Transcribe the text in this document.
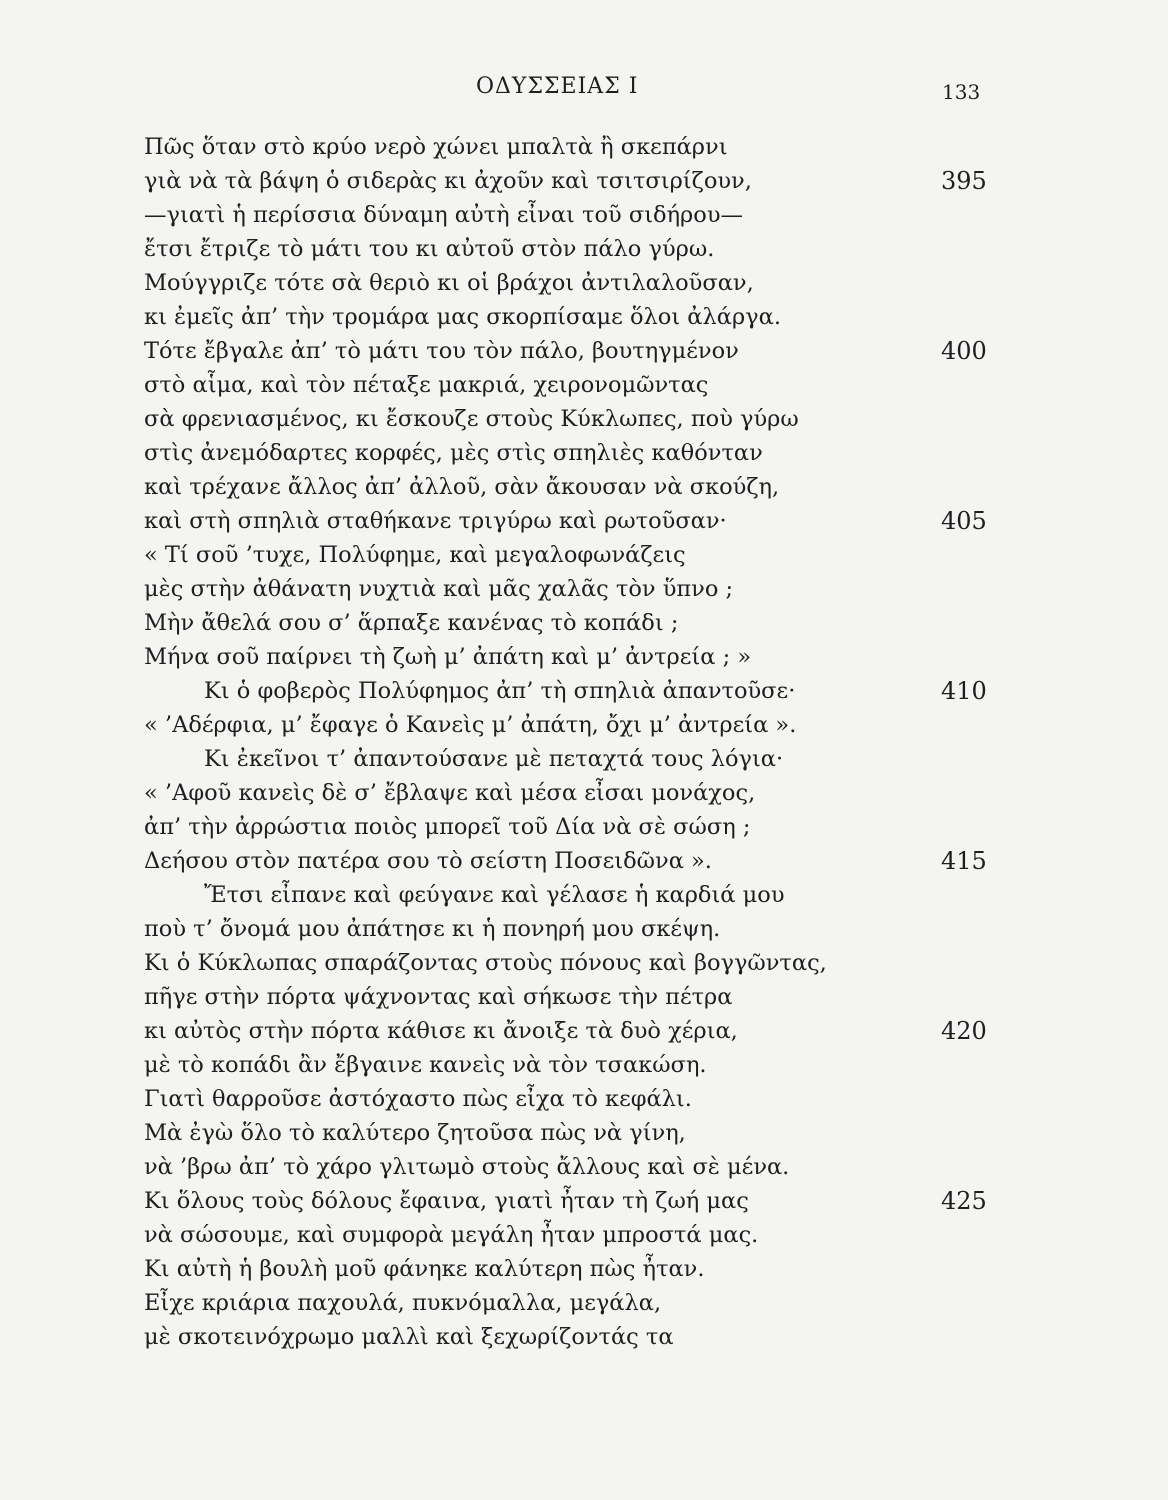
ΟΔΥΣΣΕΙΑΣ Ι	133
Πῶς ὅταν στὸ κρύο νερὸ χώνει μπαλτὰ ἢ σκεπάρνι
γιὰ νὰ τὰ βάψη ὁ σιδερὰς κι ἀχοῦν καὶ τσιτσιρίζουν,	395
—γιατὶ ἡ περίσσια δύναμη αὐτὴ εἶναι τοῦ σιδήρου—
ἔτσι ἔτριζε τὸ μάτι του κι αὐτοῦ στὸν πάλο γύρω.
Μούγγριζε τότε σὰ θεριὸ κι οἱ βράχοι ἀντιλαλοῦσαν,
κι ἐμεῖς ἀπ’ τὴν τρομάρα μας σκορπίσαμε ὅλοι ἀλάργα.
Τότε ἔβγαλε ἀπ’ τὸ μάτι του τὸν πάλο, βουτηγμένον	400
στὸ αἷμα, καὶ τὸν πέταξε μακριά, χειρονομῶντας
σὰ φρενιασμένος, κι ἔσκουζε στοὺς Κύκλωπες, ποὺ γύρω
στὶς ἀνεμόδαρτες κορφές, μὲς στὶς σπηλιὲς καθόνταν
καὶ τρέχανε ἄλλος ἀπ’ ἀλλοῦ, σὰν ἄκουσαν νὰ σκούζη,
καὶ στὴ σπηλιὰ σταθήκανε τριγύρω καὶ ρωτοῦσαν·	405
« Τί σοῦ ’τυχε, Πολύφημε, καὶ μεγαλοφωνάζεις
μὲς στὴν ἀθάνατη νυχτιὰ καὶ μᾶς χαλᾶς τὸν ὕπνο ;
Μὴν ἄθελά σου σ’ ἅρπαξε κανένας τὸ κοπάδι ;
Μήνα σοῦ παίρνει τὴ ζωὴ μ’ ἀπάτη καὶ μ’ ἀντρεία ; »
Κι ὁ φοβερὸς Πολύφημος ἀπ’ τὴ σπηλιὰ ἀπαντοῦσε·	410
« ’Αδέρφια, μ’ ἔφαγε ὁ Κανεὶς μ’ ἀπάτη, ὄχι μ’ ἀντρεία ».
Κι ἐκεῖνοι τ’ ἀπαντούσανε μὲ πεταχτά τους λόγια·
« ’Αφοῦ κανεὶς δὲ σ’ ἔβλαψε καὶ μέσα εἶσαι μονάχος,
ἀπ’ τὴν ἀρρώστια ποιὸς μπορεῖ τοῦ Δία νὰ σὲ σώση ;
Δεήσου στὸν πατέρα σου τὸ σείστη Ποσειδῶνα ».	415
Ἔτσι εἶπανε καὶ φεύγανε καὶ γέλασε ἡ καρδιά μου
ποὺ τ’ ὄνομά μου ἀπάτησε κι ἡ πονηρή μου σκέψη.
Κι ὁ Κύκλωπας σπαράζοντας στοὺς πόνους καὶ βογγῶντας,
πῆγε στὴν πόρτα ψάχνοντας καὶ σήκωσε τὴν πέτρα
κι αὐτὸς στὴν πόρτα κάθισε κι ἄνοιξε τὰ δυὸ χέρια,	420
μὲ τὸ κοπάδι ἂν ἔβγαινε κανεὶς νὰ τὸν τσακώση.
Γιατὶ θαρροῦσε ἀστόχαστο πὼς εἶχα τὸ κεφάλι.
Μὰ ἐγὼ ὅλο τὸ καλύτερο ζητοῦσα πὼς νὰ γίνη,
νὰ ’βρω ἀπ’ τὸ χάρο γλιτωμὸ στοὺς ἄλλους καὶ σὲ μένα.
Κι ὅλους τοὺς δόλους ἔφαινα, γιατὶ ἦταν τὴ ζωή μας	425
νὰ σώσουμε, καὶ συμφορὰ μεγάλη ἦταν μπροστά μας.
Κι αὐτὴ ἡ βουλὴ μοῦ φάνηκε καλύτερη πὼς ἦταν.
Εἶχε κριάρια παχουλά, πυκνόμαλλα, μεγάλα,
μὲ σκοτεινόχρωμο μαλλὶ καὶ ξεχωρίζοντάς τα
